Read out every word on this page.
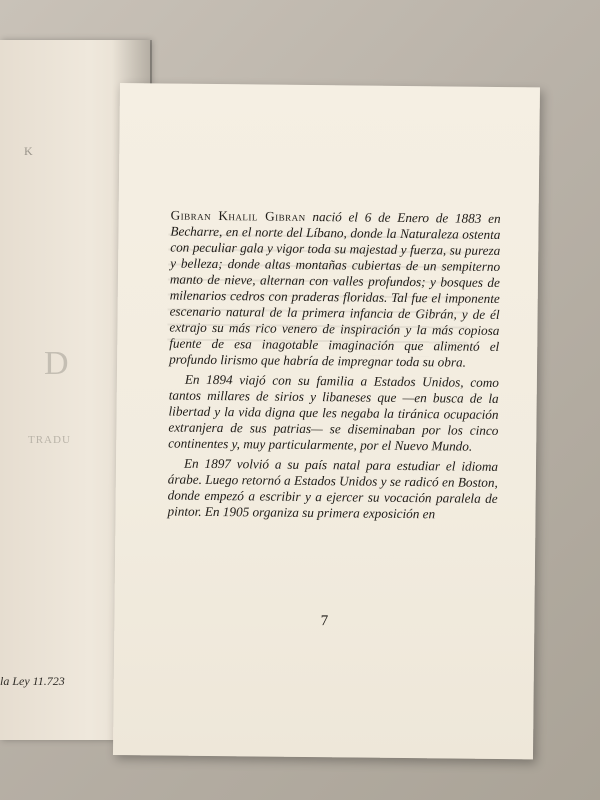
K
D
TRADU
la Ley 11.723

Gibran Khalil Gibran nació el 6 de Enero de 1883 en Becharre, en el norte del Líbano, donde la Naturaleza ostenta con peculiar gala y vigor toda su majestad y fuerza, su pureza y belleza; donde altas montañas cubiertas de un sempiterno manto de nieve, alternan con valles profundos; y bosques de milenarios cedros con praderas floridas. Tal fue el imponente escenario natural de la primera infancia de Gibrán, y de él extrajo su más rico venero de inspiración y la más copiosa fuente de esa inagotable imaginación que alimentó el profundo lirismo que habría de impregnar toda su obra.

En 1894 viajó con su familia a Estados Unidos, como tantos millares de sirios y libaneses que —en busca de la libertad y la vida digna que les negaba la tiránica ocupación extranjera de sus patrias— se diseminaban por los cinco continentes y, muy particularmente, por el Nuevo Mundo.

En 1897 volvió a su país natal para estudiar el idioma árabe. Luego retornó a Estados Unidos y se radicó en Boston, donde empezó a escribir y a ejercer su vocación paralela de pintor. En 1905 organiza su primera exposición en

7
